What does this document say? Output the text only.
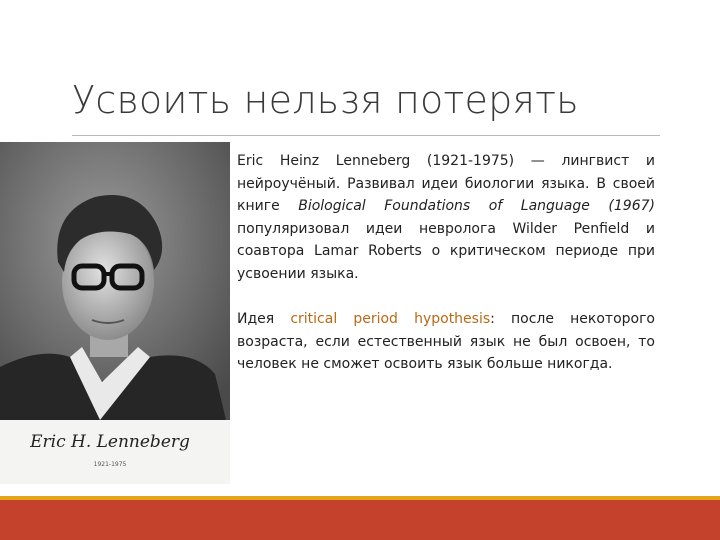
Усвоить нельзя потерять
Eric H. Lenneberg
1921-1975

Eric Heinz Lenneberg (1921-1975) — лингвист и нейроучёный. Развивал идеи биологии языка. В своей книге Biological Foundations of Language (1967) популяризовал идеи невролога Wilder Penfield и соавтора Lamar Roberts о критическом периоде при усвоении языка.

Идея critical period hypothesis: после некоторого возраста, если естественный язык не был освоен, то человек не сможет освоить язык больше никогда.
